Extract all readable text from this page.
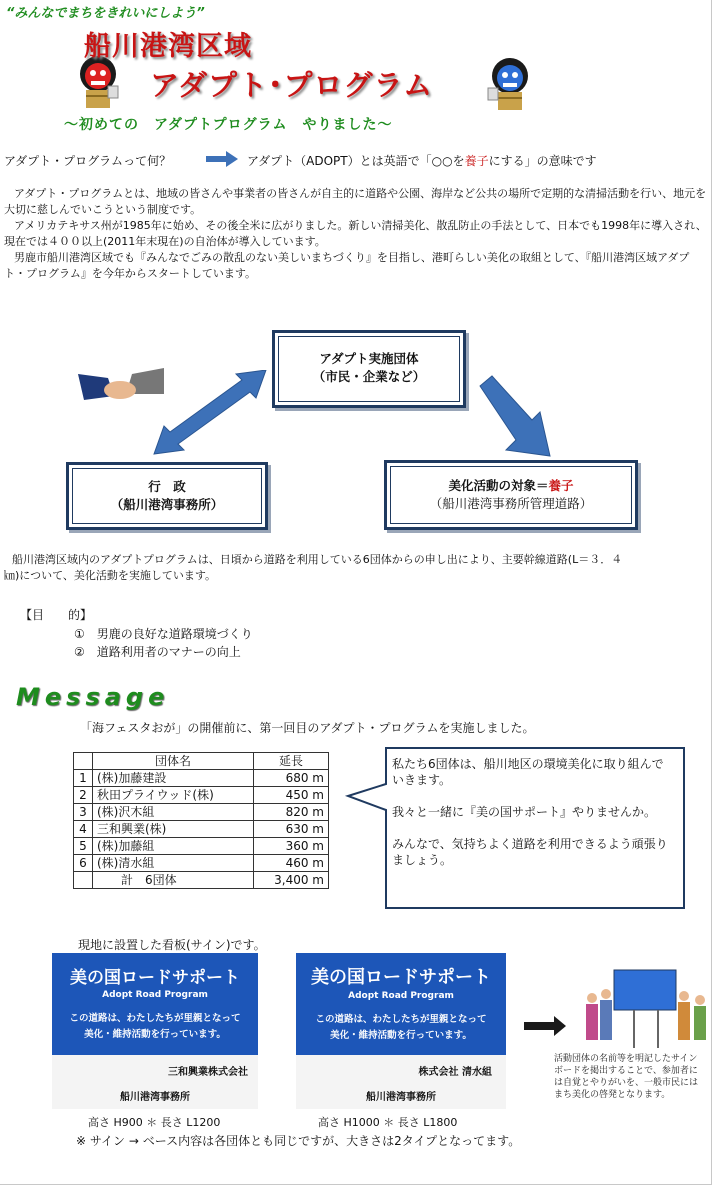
“みんなでまちをきれいにしよう”
船川港湾区域
アダプト･プログラム
～初めての　アダプトプログラム　やりました～
アダプト・プログラムって何？	アダプト（ADOPT）とは英語で「○○を養子にする」の意味です

アダプト・プログラムとは、地域の皆さんや事業者の皆さんが自主的に道路や公園、海岸など公共の場所で定期的な清掃活動を行い、地元を大切に慈しんでいこうという制度です。

アメリカテキサス州が1985年に始め、その後全米に広がりました。新しい清掃美化、散乱防止の手法として、日本でも1998年に導入され、現在では４００以上(2011年末現在)の自治体が導入しています。

男鹿市船川港湾区域でも『みんなでごみの散乱のない美しいまちづくり』を目指し、港町らしい美化の取組として、『船川港湾区域アダプト・プログラム』を今年からスタートしています。

アダプト実施団体
（市民・企業など）
行　政
（船川港湾事務所）
美化活動の対象＝養子
（船川港湾事務所管理道路）
船川港湾区域内のアダプトプログラムは、日頃から道路を利用している6団体からの申し出により、主要幹線道路(L＝３．４㎞)について、美化活動を実施しています。
【目　　的】
①　男鹿の良好な道路環境づくり
②　道路利用者のマナーの向上
Message
「海フェスタおが」の開催前に、第一回目のアダプト・プログラムを実施しました。
	団体名	延長
1	(株)加藤建設	680 m
2	秋田プライウッド(株)	450 m
3	(株)沢木組	820 m
4	三和興業(株)	630 m
5	(株)加藤組	360 m
6	(株)清水組	460 m
	計　6団体	3,400 m

私たち6団体は、船川地区の環境美化に取り組んでいきます。

我々と一緒に『美の国サポート』やりませんか。

みんなで、気持ちよく道路を利用できるよう頑張りましょう。

現地に設置した看板(サイン)です。
美の国ロードサポート
Adopt Road Program
この道路は、わたしたちが里親となって
美化・維持活動を行っています。
三和興業株式会社
船川港湾事務所
高さ H900 ＊ 長さ L1200
美の国ロードサポート
Adopt Road Program
この道路は、わたしたちが里親となって
美化・維持活動を行っています。
株式会社 清水組
船川港湾事務所
高さ H1000 ＊ 長さ L1800
活動団体の名前等を明記したサインボードを掲出することで、参加者には自覚とやりがいを、一般市民にはまち美化の啓発となります。
※ サイン → ベース内容は各団体とも同じですが、大きさは2タイプとなってます。
